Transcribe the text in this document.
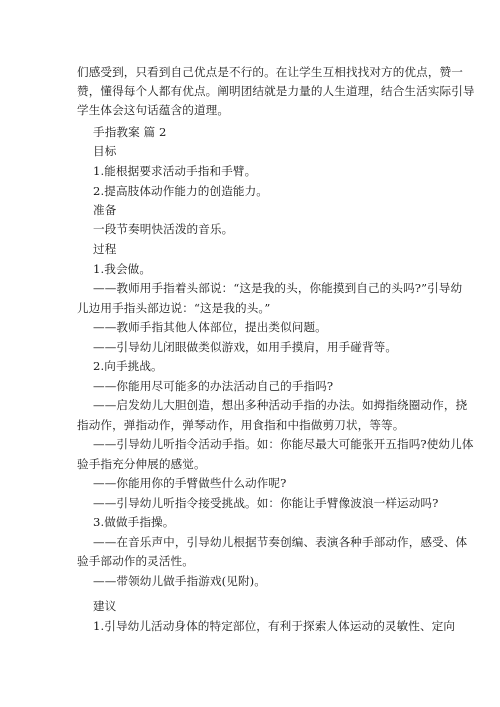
们感受到，只看到自己优点是不行的。在让学生互相找找对方的优点，赞一
赞，懂得每个人都有优点。阐明团结就是力量的人生道理，结合生活实际引导
学生体会这句话蕴含的道理。
手指教案 篇 2
目标
1.能根据要求活动手指和手臂。
2.提高肢体动作能力的创造能力。
准备
一段节奏明快活泼的音乐。
过程
1.我会做。
——教师用手指着头部说：“这是我的头，你能摸到自己的头吗?”引导幼
儿边用手指头部边说：“这是我的头。”
——教师手指其他人体部位，提出类似问题。
——引导幼儿闭眼做类似游戏，如用手摸肩，用手碰背等。
2.向手挑战。
——你能用尽可能多的办法活动自己的手指吗?
——启发幼儿大胆创造，想出多种活动手指的办法。如拇指绕圈动作，挠
指动作，弹指动作，弹琴动作，用食指和中指做剪刀状，等等。
——引导幼儿听指令活动手指。如：你能尽最大可能张开五指吗?使幼儿体
验手指充分伸展的感觉。
——你能用你的手臂做些什么动作呢?
——引导幼儿听指令接受挑战。如：你能让手臂像波浪一样运动吗?
3.做做手指操。
——在音乐声中，引导幼儿根据节奏创编、表演各种手部动作，感受、体
验手部动作的灵活性。
——带领幼儿做手指游戏(见附)。
建议
1.引导幼儿活动身体的特定部位，有利于探索人体运动的灵敏性、定向
